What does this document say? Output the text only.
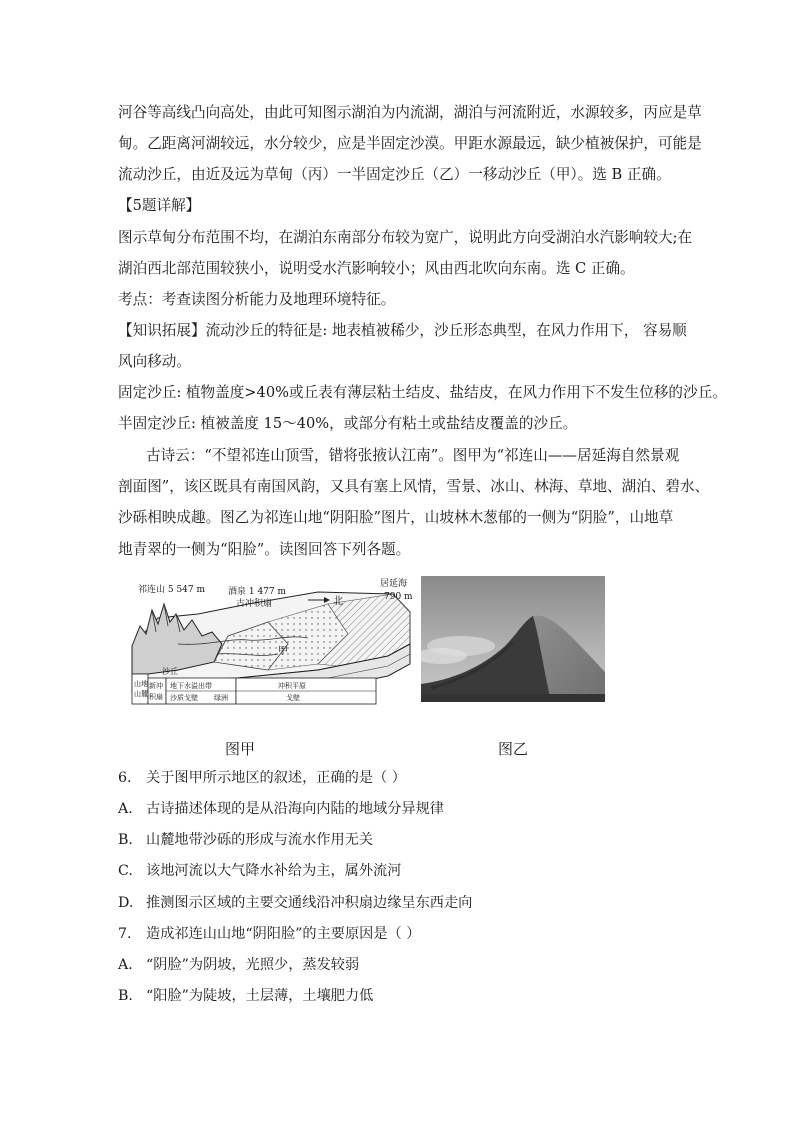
河谷等高线凸向高处，由此可知图示湖泊为内流湖，湖泊与河流附近，水源较多，丙应是草
甸。乙距离河湖较远，水分较少，应是半固定沙漠。甲距水源最远，缺少植被保护，可能是
流动沙丘，由近及远为草甸（丙）一半固定沙丘（乙）一移动沙丘（甲）。选 B 正确。
【5题详解】
图示草甸分布范围不均，在湖泊东南部分布较为宽广，说明此方向受湖泊水汽影响较大;在
湖泊西北部范围较狭小，说明受水汽影响较小；风由西北吹向东南。选 C 正确。
考点：考查读图分析能力及地理环境特征。
【知识拓展】流动沙丘的特征是: 地表植被稀少，沙丘形态典型，在风力作用下， 容易顺
风向移动。
固定沙丘: 植物盖度>40%或丘表有薄层粘土结皮、盐结皮，在风力作用下不发生位移的沙丘。
半固定沙丘: 植被盖度 15～40%，或部分有粘土或盐结皮覆盖的沙丘。
古诗云：“不望祁连山顶雪，错将张掖认江南”。图甲为“祁连山——居延海自然景观
剖面图”，该区既具有南国风韵，又具有塞上风情，雪景、冰山、林海、草地、湖泊、碧水、
沙砾相映成趣。图乙为祁连山地“阴阳脸”图片，山坡林木葱郁的一侧为“阴脸”，山地草
地青翠的一侧为“阳脸”。读图回答下列各题。
祁连山 5 547 m	酒泉 1 477 m
古冲积扇	北
居延海
790 m
甲
沙丘
山地
山麓
新冲
积扇
地下水溢出带
沙质戈壁 绿洲
冲积平原
戈壁
图甲	图乙
6. 关于图甲所示地区的叙述，正确的是（ ）
A. 古诗描述体现的是从沿海向内陆的地域分异规律
B. 山麓地带沙砾的形成与流水作用无关
C. 该地河流以大气降水补给为主，属外流河
D. 推测图示区域的主要交通线沿冲积扇边缘呈东西走向
7. 造成祁连山山地“阴阳脸”的主要原因是（ ）
A. “阴脸”为阴坡，光照少，蒸发较弱
B. “阳脸”为陡坡，土层薄，土壤肥力低
